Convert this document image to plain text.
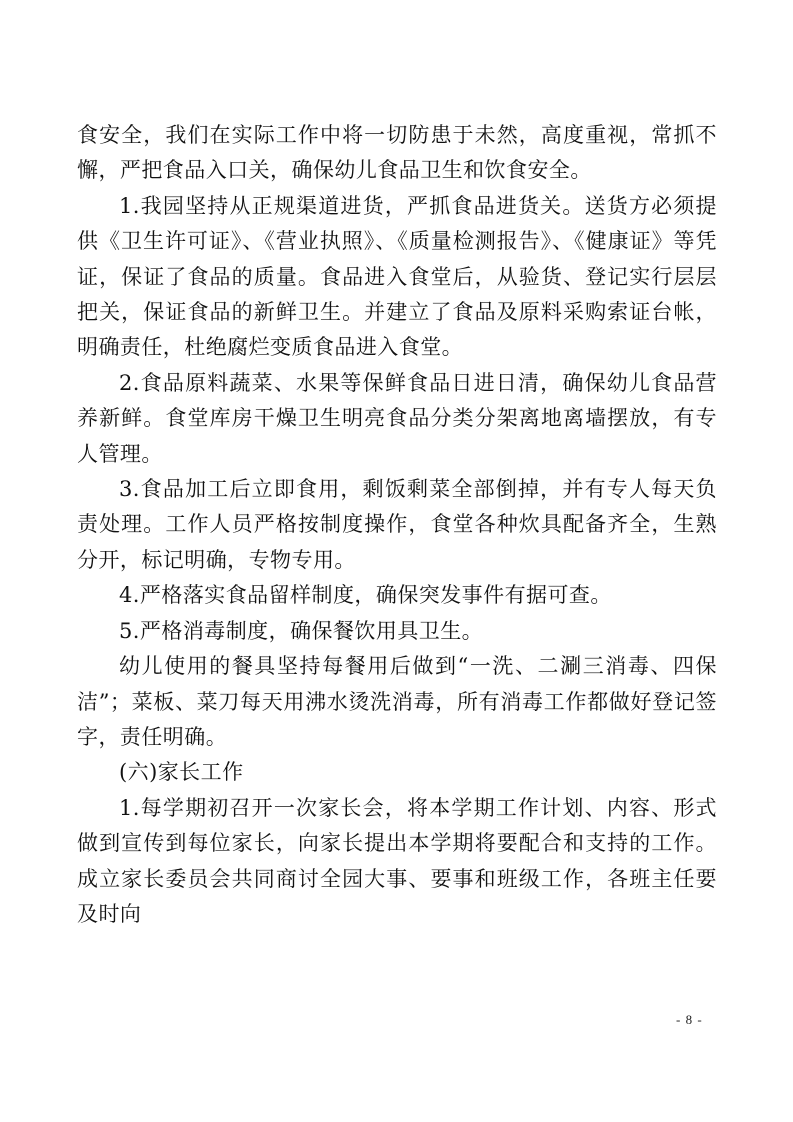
食安全，我们在实际工作中将一切防患于未然，高度重视，常抓不懈，严把食品入口关，确保幼儿食品卫生和饮食安全。

1.我园坚持从正规渠道进货，严抓食品进货关。送货方必须提供《卫生许可证》、《营业执照》、《质量检测报告》、《健康证》等凭证，保证了食品的质量。食品进入食堂后，从验货、登记实行层层把关，保证食品的新鲜卫生。并建立了食品及原料采购索证台帐，明确责任，杜绝腐烂变质食品进入食堂。

2.食品原料蔬菜、水果等保鲜食品日进日清，确保幼儿食品营养新鲜。食堂库房干燥卫生明亮食品分类分架离地离墙摆放，有专人管理。

3.食品加工后立即食用，剩饭剩菜全部倒掉，并有专人每天负责处理。工作人员严格按制度操作，食堂各种炊具配备齐全，生熟分开，标记明确，专物专用。

4.严格落实食品留样制度，确保突发事件有据可查。

5.严格消毒制度，确保餐饮用具卫生。

幼儿使用的餐具坚持每餐用后做到“一洗、二涮三消毒、四保洁”；菜板、菜刀每天用沸水烫洗消毒，所有消毒工作都做好登记签字，责任明确。

(六)家长工作

1.每学期初召开一次家长会，将本学期工作计划、内容、形式做到宣传到每位家长，向家长提出本学期将要配合和支持的工作。成立家长委员会共同商讨全园大事、要事和班级工作，各班主任要及时向

- 8 -
